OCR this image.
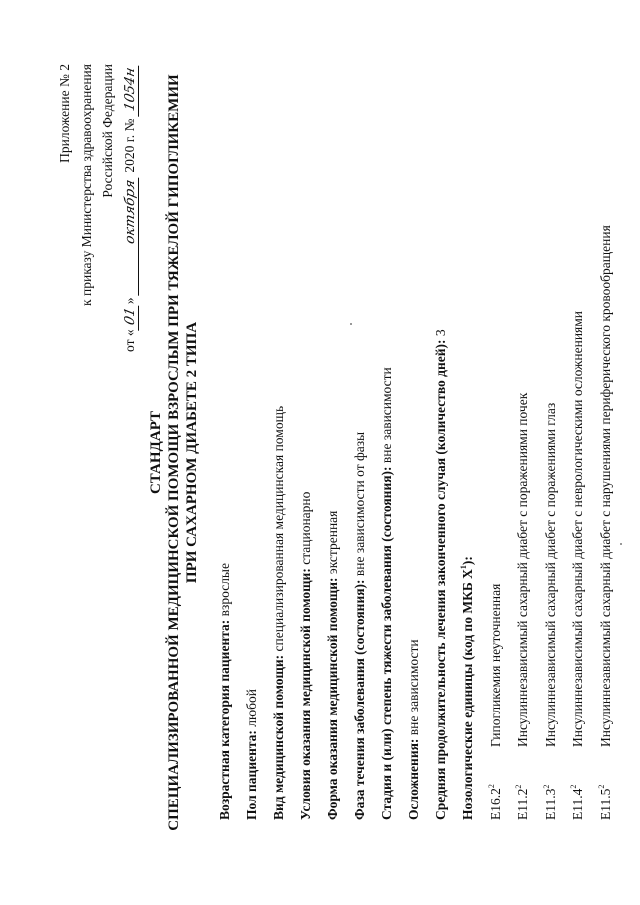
Приложение № 2 к приказу Министерства здравоохранения Российской Федерации
от «01» октября 2020 г. № 1054н
СТАНДАРТ СПЕЦИАЛИЗИРОВАННОЙ МЕДИЦИНСКОЙ ПОМОЩИ ВЗРОСЛЫМ ПРИ ТЯЖЕЛОЙ ГИПОГЛИКЕМИИ ПРИ САХАРНОМ ДИАБЕТЕ 2 ТИПА
Возрастная категория пациента: взрослые
Пол пациента: любой Вид медицинской помощи: специализированная медицинская помощь
Условия оказания медицинской помощи: стационарно
Форма оказания медицинской помощи: экстренная
Фаза течения заболевания (состояния): вне зависимости от фазы Стадия и (или) степень тяжести заболевания (состояния): вне зависимости
Осложнения: вне зависимости Средняя продолжительность лечения законченного случая (количество дней): 3
Нозологические единицы (код по МКБ $X^1$):
E16.2$^2$
Гипогликемия неуточненная
E11.2$^2$
Инсулиннезависимый сахарный диабет с поражениями почек
E11.3$^2$
Инсулиннезависимый сахарный диабет с поражениями глаз
E11.4$^2$
Инсулиннезависимый сахарный диабет с неврологическими осложнениями
E11.5$^2$
Инсулиннезависимый сахарный диабет с нарушениями периферического кровообращения
